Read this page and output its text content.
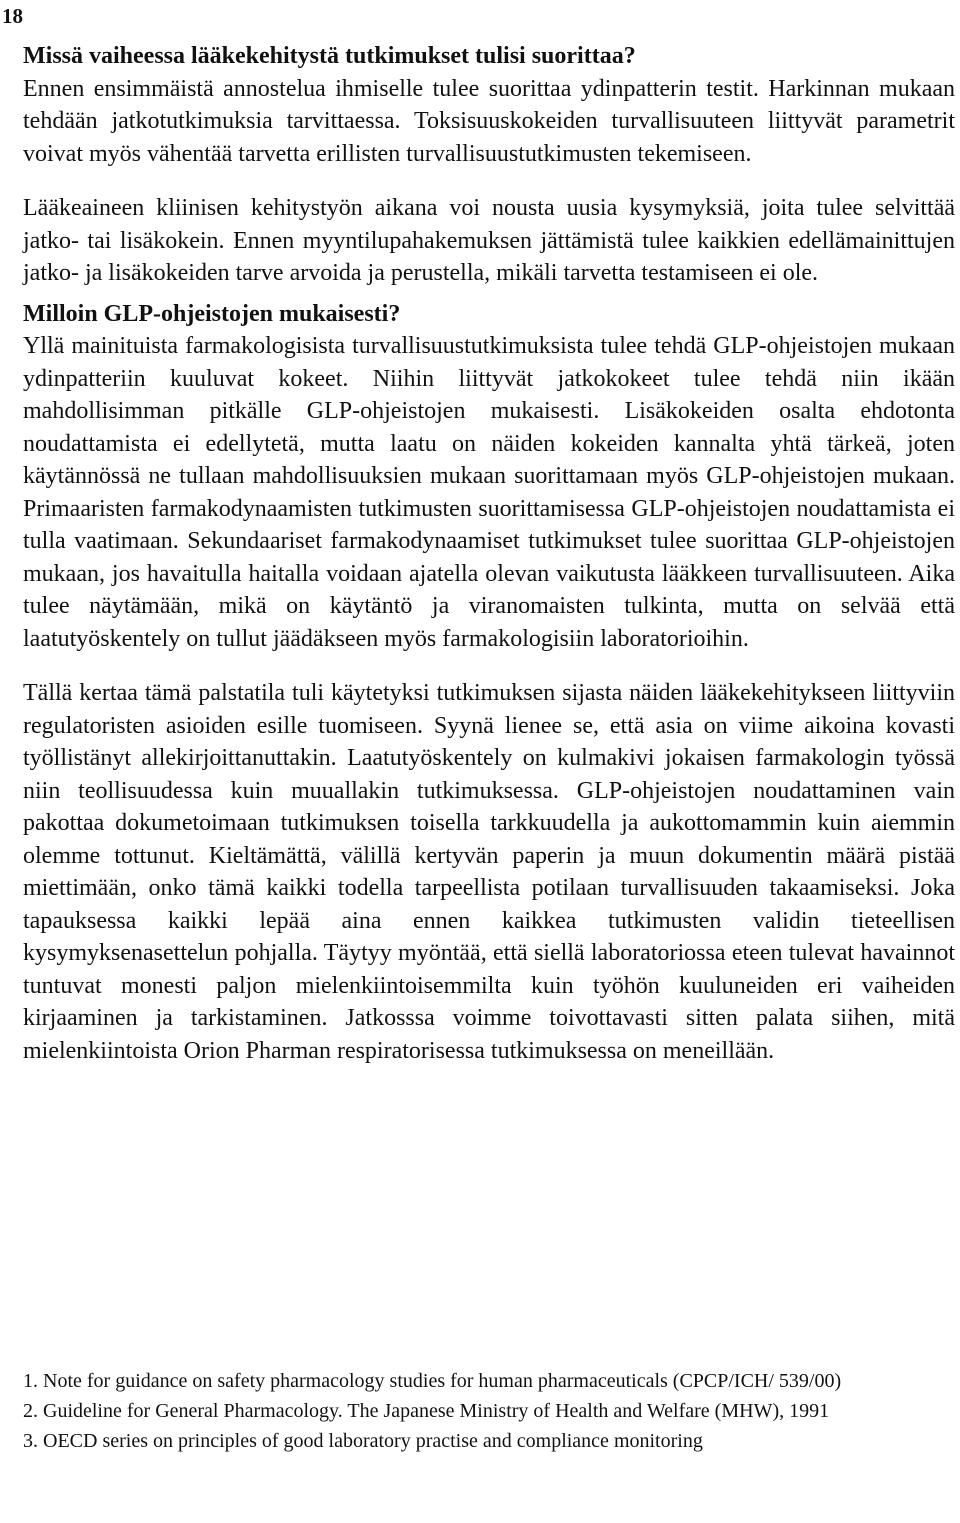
18

Missä vaiheessa lääkekehitystä tutkimukset tulisi suorittaa?

Ennen ensimmäistä annostelua ihmiselle tulee suorittaa ydinpatterin testit. Harkinnan mukaan tehdään jatkotutkimuksia tarvittaessa. Toksisuuskokeiden turvallisuuteen liittyvät parametrit voivat myös vähentää tarvetta erillisten turvallisuustutkimusten tekemiseen.

Lääkeaineen kliinisen kehitystyön aikana voi nousta uusia kysymyksiä, joita tulee selvittää jatko- tai lisäkokein. Ennen myyntilupahakemuksen jättämistä tulee kaikkien edellämainittujen jatko- ja lisäkokeiden tarve arvoida ja perustella, mikäli tarvetta testamiseen ei ole.

Milloin GLP-ohjeistojen mukaisesti?

Yllä mainituista farmakologisista turvallisuustutkimuksista tulee tehdä GLP-ohjeistojen mukaan ydinpatteriin kuuluvat kokeet. Niihin liittyvät jatkokokeet tulee tehdä niin ikään mahdollisimman pitkälle GLP-ohjeistojen mukaisesti. Lisäkokeiden osalta ehdotonta noudattamista ei edellytetä, mutta laatu on näiden kokeiden kannalta yhtä tärkeä, joten käytännössä ne tullaan mahdollisuuksien mukaan suorittamaan myös GLP-ohjeistojen mukaan. Primaaristen farmakodynaamisten tutkimusten suorittamisessa GLP-ohjeistojen noudattamista ei tulla vaatimaan. Sekundaariset farmakodynaamiset tutkimukset tulee suorittaa GLP-ohjeistojen mukaan, jos havaitulla haitalla voidaan ajatella olevan vaikutusta lääkkeen turvallisuuteen. Aika tulee näytämään, mikä on käytäntö ja viranomaisten tulkinta, mutta on selvää että laatutyöskentely on tullut jäädäkseen myös farmakologisiin laboratorioihin.

Tällä kertaa tämä palstatila tuli käytetyksi tutkimuksen sijasta näiden lääkekehitykseen liittyviin regulatoristen asioiden esille tuomiseen. Syynä lienee se, että asia on viime aikoina kovasti työllistänyt allekirjoittanuttakin. Laatutyöskentely on kulmakivi jokaisen farmakologin työssä niin teollisuudessa kuin muuallakin tutkimuksessa. GLP-ohjeistojen noudattaminen vain pakottaa dokumetoimaan tutkimuksen toisella tarkkuudella ja aukottomammin kuin aiemmin olemme tottunut. Kieltämättä, välillä kertyvän paperin ja muun dokumentin määrä pistää miettimään, onko tämä kaikki todella tarpeellista potilaan turvallisuuden takaamiseksi. Joka tapauksessa kaikki lepää aina ennen kaikkea tutkimusten validin tieteellisen kysymyksenasettelun pohjalla. Täytyy myöntää, että siellä laboratoriossa eteen tulevat havainnot tuntuvat monesti paljon mielenkiintoisemmilta kuin työhön kuuluneiden eri vaiheiden kirjaaminen ja tarkistaminen. Jatkosssa voimme toivottavasti sitten palata siihen, mitä mielenkiintoista Orion Pharman respiratorisessa tutkimuksessa on meneillään.

1. Note for guidance on safety pharmacology studies for human pharmaceuticals (CPCP/ICH/ 539/00)

2. Guideline for General Pharmacology. The Japanese Ministry of Health and Welfare (MHW), 1991

3. OECD series on principles of good laboratory practise and compliance monitoring
